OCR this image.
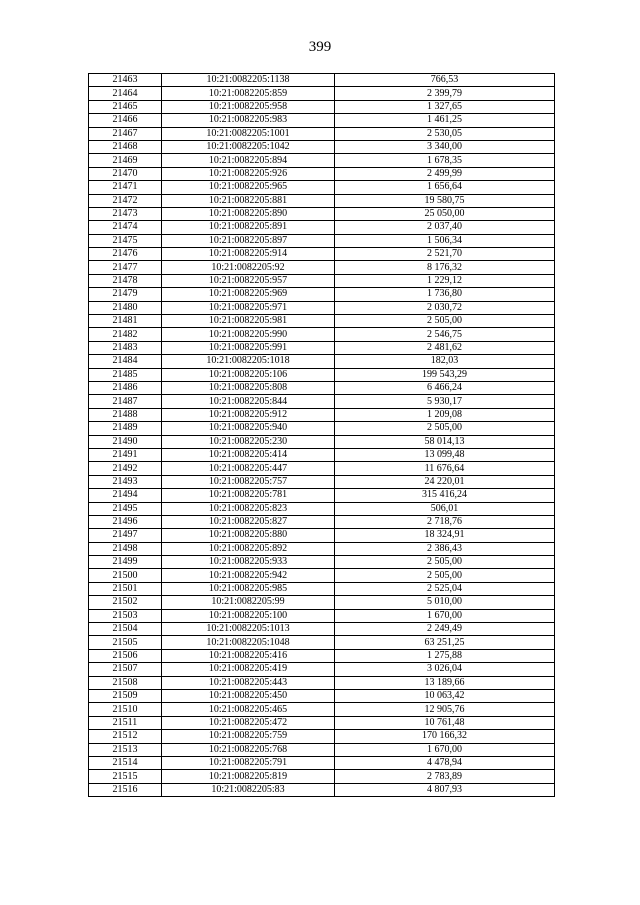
399
21463	10:21:0082205:1138	766,53
21464	10:21:0082205:859	2 399,79
21465	10:21:0082205:958	1 327,65
21466	10:21:0082205:983	1 461,25
21467	10:21:0082205:1001	2 530,05
21468	10:21:0082205:1042	3 340,00
21469	10:21:0082205:894	1 678,35
21470	10:21:0082205:926	2 499,99
21471	10:21:0082205:965	1 656,64
21472	10:21:0082205:881	19 580,75
21473	10:21:0082205:890	25 050,00
21474	10:21:0082205:891	2 037,40
21475	10:21:0082205:897	1 506,34
21476	10:21:0082205:914	2 521,70
21477	10:21:0082205:92	8 176,32
21478	10:21:0082205:957	1 229,12
21479	10:21:0082205:969	1 736,80
21480	10:21:0082205:971	2 030,72
21481	10:21:0082205:981	2 505,00
21482	10:21:0082205:990	2 546,75
21483	10:21:0082205:991	2 481,62
21484	10:21:0082205:1018	182,03
21485	10:21:0082205:106	199 543,29
21486	10:21:0082205:808	6 466,24
21487	10:21:0082205:844	5 930,17
21488	10:21:0082205:912	1 209,08
21489	10:21:0082205:940	2 505,00
21490	10:21:0082205:230	58 014,13
21491	10:21:0082205:414	13 099,48
21492	10:21:0082205:447	11 676,64
21493	10:21:0082205:757	24 220,01
21494	10:21:0082205:781	315 416,24
21495	10:21:0082205:823	506,01
21496	10:21:0082205:827	2 718,76
21497	10:21:0082205:880	18 324,91
21498	10:21:0082205:892	2 386,43
21499	10:21:0082205:933	2 505,00
21500	10:21:0082205:942	2 505,00
21501	10:21:0082205:985	2 525,04
21502	10:21:0082205:99	5 010,00
21503	10:21:0082205:100	1 670,00
21504	10:21:0082205:1013	2 249,49
21505	10:21:0082205:1048	63 251,25
21506	10:21:0082205:416	1 275,88
21507	10:21:0082205:419	3 026,04
21508	10:21:0082205:443	13 189,66
21509	10:21:0082205:450	10 063,42
21510	10:21:0082205:465	12 905,76
21511	10:21:0082205:472	10 761,48
21512	10:21:0082205:759	170 166,32
21513	10:21:0082205:768	1 670,00
21514	10:21:0082205:791	4 478,94
21515	10:21:0082205:819	2 783,89
21516	10:21:0082205:83	4 807,93
